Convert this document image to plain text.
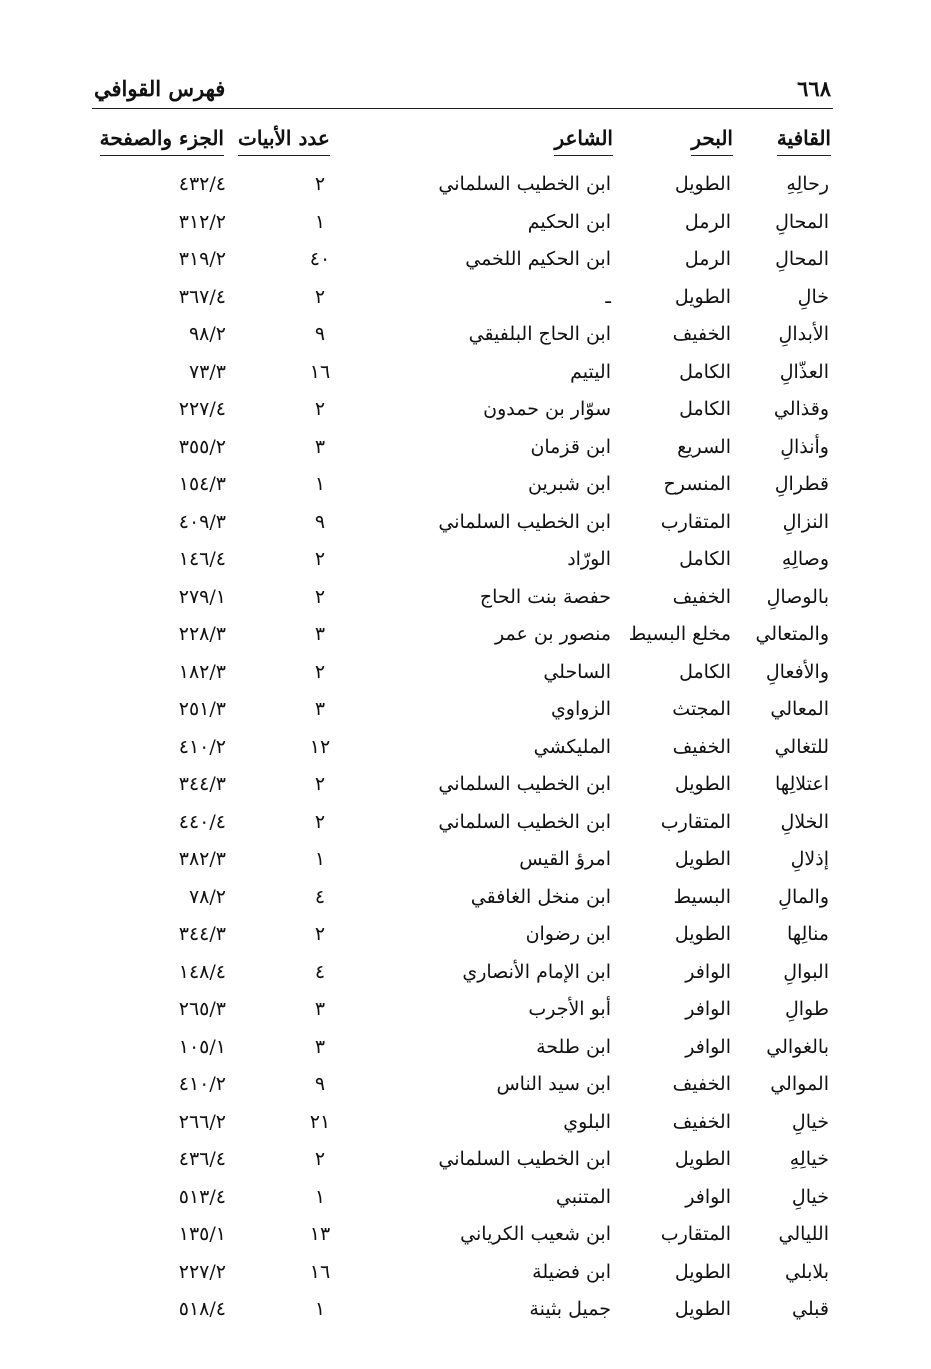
٦٦٨
فهرس القوافي
القافية
البحر
الشاعر
عدد الأبيات
الجزء والصفحة
رحالِهِ
الطويل
ابن الخطيب السلماني
٢
٤٣٢/٤
المحالِ
الرمل
ابن الحكيم
١
٣١٢/٢
المحالِ
الرمل
ابن الحكيم اللخمي
٤٠
٣١٩/٢
خالِ
الطويل
ـ
٢
٣٦٧/٤
الأبدالِ
الخفيف
ابن الحاج البلفيقي
٩
٩٨/٢
العذّالِ
الكامل
اليتيم
١٦
٧٣/٣
وقذالي
الكامل
سوّار بن حمدون
٢
٢٢٧/٤
وأنذالِ
السريع
ابن قزمان
٣
٣٥٥/٢
قطرالِ
المنسرح
ابن شبرين
١
١٥٤/٣
النزالِ
المتقارب
ابن الخطيب السلماني
٩
٤٠٩/٣
وصالِهِ
الكامل
الورّاد
٢
١٤٦/٤
بالوصالِ
الخفيف
حفصة بنت الحاج
٢
٢٧٩/١
والمتعالي
مخلع البسيط
منصور بن عمر
٣
٢٢٨/٣
والأفعالِ
الكامل
الساحلي
٢
١٨٢/٣
المعالي
المجتث
الزواوي
٣
٢٥١/٣
للتغالي
الخفيف
المليكشي
١٢
٤١٠/٢
اعتلالِها
الطويل
ابن الخطيب السلماني
٢
٣٤٤/٣
الخلالِ
المتقارب
ابن الخطيب السلماني
٢
٤٤٠/٤
إذلالِ
الطويل
امرؤ القيس
١
٣٨٢/٣
والمالِ
البسيط
ابن منخل الغافقي
٤
٧٨/٢
منالِها
الطويل
ابن رضوان
٢
٣٤٤/٣
البوالِ
الوافر
ابن الإمام الأنصاري
٤
١٤٨/٤
طوالِ
الوافر
أبو الأجرب
٣
٢٦٥/٣
بالغوالي
الوافر
ابن طلحة
٣
١٠٥/١
الموالي
الخفيف
ابن سيد الناس
٩
٤١٠/٢
خيالِ
الخفيف
البلوي
٢١
٢٦٦/٢
خيالِهِ
الطويل
ابن الخطيب السلماني
٢
٤٣٦/٤
خيالِ
الوافر
المتنبي
١
٥١٣/٤
الليالي
المتقارب
ابن شعيب الكرياني
١٣
١٣٥/١
بلابلي
الطويل
ابن فضيلة
١٦
٢٢٧/٢
قبلي
الطويل
جميل بثينة
١
٥١٨/٤
